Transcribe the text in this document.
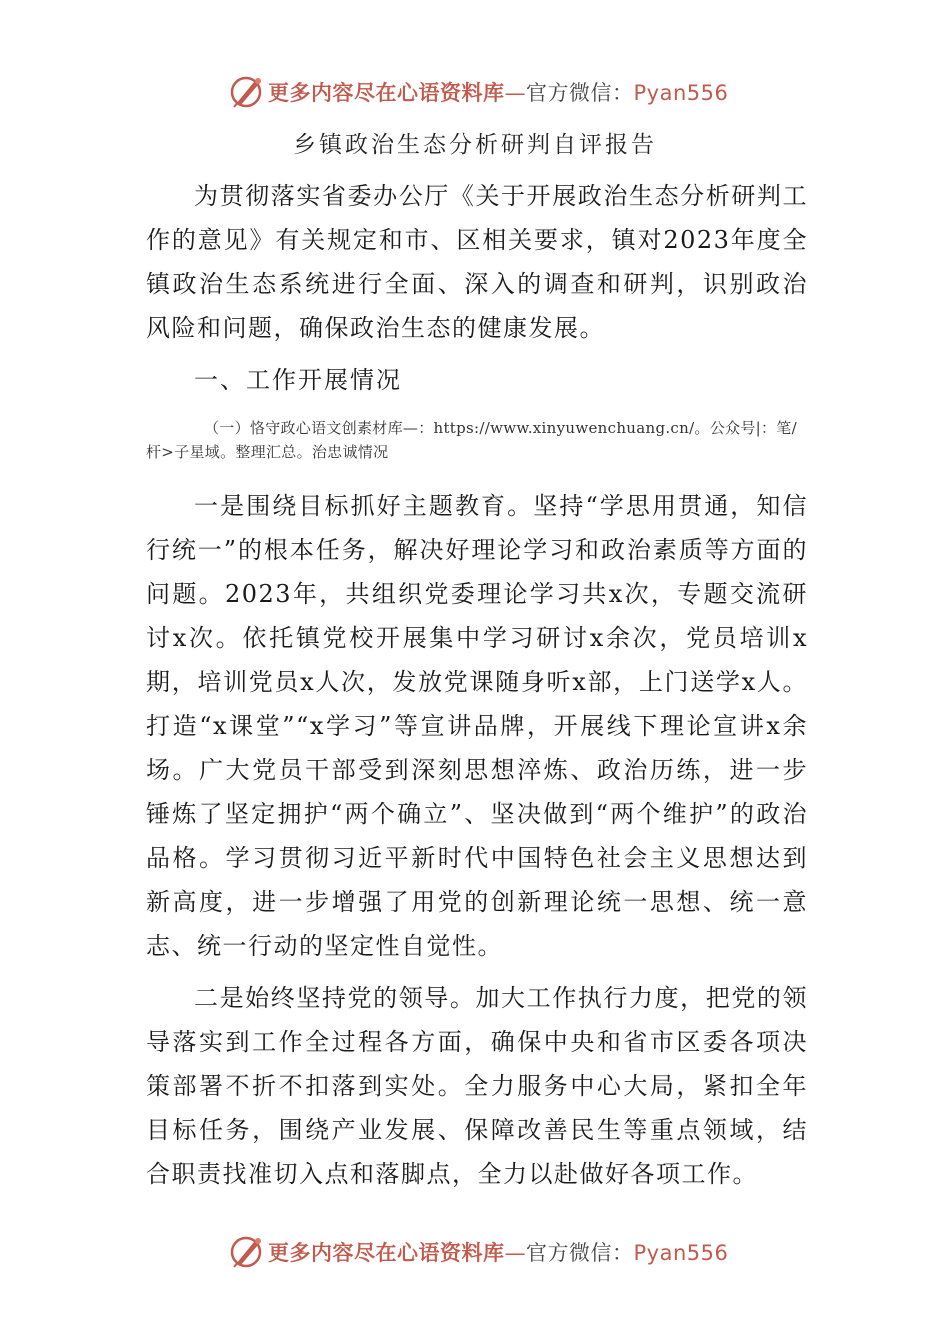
更多内容尽在心语资料库—官方微信：Pyan556
乡镇政治生态分析研判自评报告

为贯彻落实省委办公厅《关于开展政治生态分析研判工作的意见》有关规定和市、区相关要求，镇对2023年度全镇政治生态系统进行全面、深入的调查和研判，识别政治风险和问题，确保政治生态的健康发展。

一、工作开展情况

（一）恪守政心语文创素材库—：https://www.xinyuwenchuang.cn/。公众号|：笔/杆>子星域。整理汇总。治忠诚情况

一是围绕目标抓好主题教育。坚持“学思用贯通，知信行统一”的根本任务，解决好理论学习和政治素质等方面的问题。2023年，共组织党委理论学习共x次，专题交流研讨x次。依托镇党校开展集中学习研讨x余次，党员培训x期，培训党员x人次，发放党课随身听x部，上门送学x人。打造“x课堂”“x学习”等宣讲品牌，开展线下理论宣讲x余场。广大党员干部受到深刻思想淬炼、政治历练，进一步锤炼了坚定拥护“两个确立”、坚决做到“两个维护”的政治品格。学习贯彻习近平新时代中国特色社会主义思想达到新高度，进一步增强了用党的创新理论统一思想、统一意志、统一行动的坚定性自觉性。

二是始终坚持党的领导。加大工作执行力度，把党的领导落实到工作全过程各方面，确保中央和省市区委各项决策部署不折不扣落到实处。全力服务中心大局，紧扣全年目标任务，围绕产业发展、保障改善民生等重点领域，结合职责找准切入点和落脚点，全力以赴做好各项工作。

更多内容尽在心语资料库—官方微信：Pyan556
